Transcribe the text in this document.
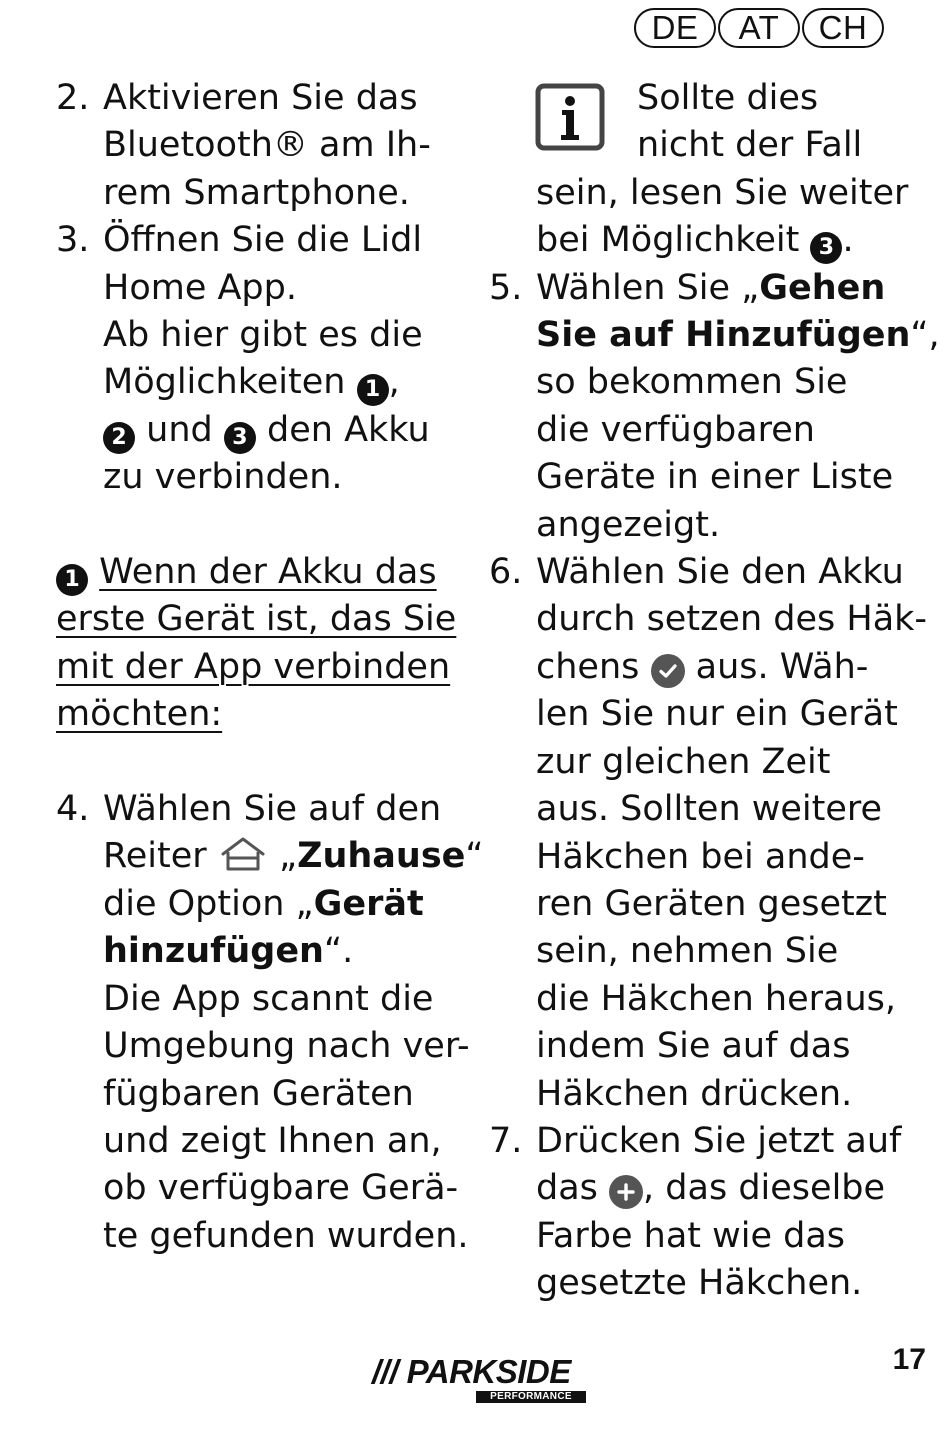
DE	AT	CH
2. Aktivieren Sie das
Bluetooth® am Ih-
rem Smartphone.
3. Öffnen Sie die Lidl
Home App.
Ab hier gibt es die
Möglichkeiten 1 ,
2 und 3 den Akku
zu verbinden.
1 Wenn der Akku das
erste Gerät ist, das Sie
mit der App verbinden
möchten:
4. Wählen Sie auf den
Reiter „Zuhause“
die Option „Gerät
hinzufügen“.
Die App scannt die
Umgebung nach ver-
fügbaren Geräten
und zeigt Ihnen an,
ob verfügbare Gerä-
te gefunden wurden.
Sollte dies
nicht der Fall
sein, lesen Sie weiter
bei Möglichkeit 3 .
5. Wählen Sie „Gehen
Sie auf Hinzufügen“,
so bekommen Sie
die verfügbaren
Geräte in einer Liste
angezeigt.
6. Wählen Sie den Akku
durch setzen des Häk-
chens aus. Wäh-
len Sie nur ein Gerät
zur gleichen Zeit
aus. Sollten weitere
Häkchen bei ande-
ren Geräten gesetzt
sein, nehmen Sie
die Häkchen heraus,
indem Sie auf das
Häkchen drücken.
7. Drücken Sie jetzt auf
das , das dieselbe
Farbe hat wie das
gesetzte Häkchen.
/// PARKSIDE
PERFORMANCE
17
